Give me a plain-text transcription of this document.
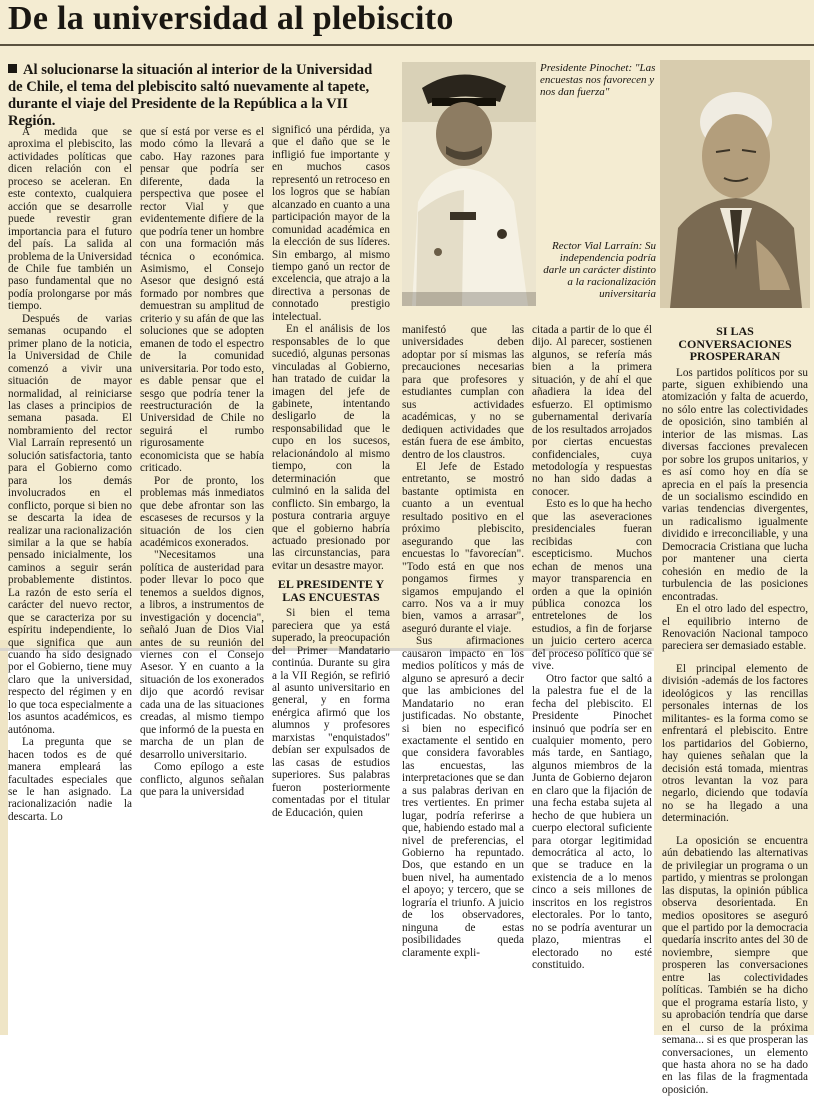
De la universidad al plebiscito
Al solucionarse la situación al interior de la Universidad de Chile, el tema del plebiscito saltó nuevamente al tapete, durante el viaje del Presidente de la República a la VII Región.

A medida que se aproxima el plebiscito, las actividades políticas que dicen relación con el proceso se aceleran. En este contexto, cualquiera acción que se desarrolle puede revestir gran importancia para el futuro del país. La salida al problema de la Universidad de Chile fue también un paso fundamental que no podía prolongarse por más tiempo.

Después de varias semanas ocupando el primer plano de la noticia, la Universidad de Chile comenzó a vivir una situación de mayor normalidad, al reiniciarse las clases a principios de semana pasada. El nombramiento del rector Vial Larraín representó un solución satisfactoria, tanto para el Gobierno como para los demás involucrados en el conflicto, porque si bien no se descarta la idea de realizar una racionalización similar a la que se había pensado inicialmente, los caminos a seguir serán probablemente distintos. La razón de esto sería el carácter del nuevo rector, que se caracteriza por su espíritu independiente, lo que significa que aun cuando ha sido designado por el Gobierno, tiene muy claro que la universidad, respecto del régimen y en lo que toca especialmente a los asuntos académicos, es autónoma.

La pregunta que se hacen todos es de qué manera empleará las facultades especiales que se le han asignado. La racionalización nadie la descarta. Lo

que sí está por verse es el modo cómo la llevará a cabo. Hay razones para pensar que podría ser diferente, dada la perspectiva que posee el rector Vial y que evidentemente difiere de la que podría tener un hombre con una formación más técnica o económica. Asimismo, el Consejo Asesor que designó está formado por nombres que demuestran su amplitud de criterio y su afán de que las soluciones que se adopten emanen de todo el espectro de la comunidad universitaria. Por todo esto, es dable pensar que el sesgo que podría tener la reestructuración de la Universidad de Chile no seguirá el rumbo rigurosamente economicista que se había criticado.

Por de pronto, los problemas más inmediatos que debe afrontar son las escaseses de recursos y la situación de los cien académicos exonerados.

"Necesitamos una política de austeridad para poder llevar lo poco que tenemos a sueldos dignos, a libros, a instrumentos de investigación y docencia", señaló Juan de Dios Vial antes de su reunión del viernes con el Consejo Asesor. Y en cuanto a la situación de los exonerados dijo que acordó revisar cada una de las situaciones creadas, al mismo tiempo que informó de la puesta en marcha de un plan de desarrollo universitario.

Como epílogo a este conflicto, algunos señalan que para la universidad

significó una pérdida, ya que el daño que se le infligió fue importante y en muchos casos representó un retroceso en los logros que se habían alcanzado en cuanto a una participación mayor de la comunidad académica en la elección de sus líderes. Sin embargo, al mismo tiempo ganó un rector de excelencia, que atrajo a la directiva a personas de connotado prestigio intelectual.

En el análisis de los responsables de lo que sucedió, algunas personas vinculadas al Gobierno, han tratado de cuidar la imagen del jefe de gabinete, intentando desligarlo de la responsabilidad que le cupo en los sucesos, relacionándolo al mismo tiempo, con la determinación que culminó en la salida del conflicto. Sin embargo, la postura contraria arguye que el gobierno habría actuado presionado por las circunstancias, para evitar un desastre mayor.

EL PRESIDENTE Y LAS ENCUESTAS

Si bien el tema pareciera que ya está superado, la preocupación del Primer Mandatario continúa. Durante su gira a la VII Región, se refirió al asunto universitario en general, y en forma enérgica afirmó que los alumnos y profesores marxistas "enquistados" debían ser expulsados de las casas de estudios superiores. Sus palabras fueron posteriormente comentadas por el titular de Educación, quien

Presidente Pinochet: "Las encuestas nos favorecen y nos dan fuerza"
Rector Vial Larraín: Su independencia podría darle un carácter distinto a la racionalización universitaria

manifestó que las universidades deben adoptar por sí mismas las precauciones necesarias para que profesores y estudiantes cumplan con sus actividades académicas, y no se dediquen actividades que están fuera de ese ámbito, dentro de los claustros.

El Jefe de Estado entretanto, se mostró bastante optimista en cuanto a un eventual resultado positivo en el próximo plebiscito, asegurando que las encuestas lo "favorecían". "Todo está en que nos pongamos firmes y sigamos empujando el carro. Nos va a ir muy bien, vamos a arrasar", aseguró durante el viaje.

Sus afirmaciones causaron impacto en los medios políticos y más de alguno se apresuró a decir que las ambiciones del Mandatario no eran justificadas. No obstante, si bien no especificó exactamente el sentido en que considera favorables las encuestas, las interpretaciones que se dan a sus palabras derivan en tres vertientes. En primer lugar, podría referirse a que, habiendo estado mal a nivel de preferencias, el Gobierno ha repuntado. Dos, que estando en un buen nivel, ha aumentado el apoyo; y tercero, que se lograría el triunfo. A juicio de los observadores, ninguna de estas posibilidades queda claramente expli-

citada a partir de lo que él dijo. Al parecer, sostienen algunos, se refería más bien a la primera situación, y de ahí el que añadiera la idea del esfuerzo. El optimismo gubernamental derivaría de los resultados arrojados por ciertas encuestas confidenciales, cuya metodología y respuestas no han sido dadas a conocer.

Esto es lo que ha hecho que las aseveraciones presidenciales fueran recibidas con escepticismo. Muchos echan de menos una mayor transparencia en orden a que la opinión pública conozca los entretelones de los estudios, a fin de forjarse un juicio certero acerca del proceso político que se vive.

Otro factor que saltó a la palestra fue el de la fecha del plebiscito. El Presidente Pinochet insinuó que podría ser en cualquier momento, pero más tarde, en Santiago, algunos miembros de la Junta de Gobierno dejaron en claro que la fijación de una fecha estaba sujeta al hecho de que hubiera un cuerpo electoral suficiente para otorgar legitimidad democrática al acto, lo que se traduce en la existencia de a lo menos cinco a seis millones de inscritos en los registros electorales. Por lo tanto, no se podría aventurar un plazo, mientras el electorado no esté constituido.

SI LAS CONVERSACIONES PROSPERARAN

Los partidos políticos por su parte, siguen exhibiendo una atomización y falta de acuerdo, no sólo entre las colectividades de oposición, sino también al interior de las mismas. Las diversas facciones prevalecen por sobre los grupos unitarios, y es así como hoy en día se aprecia en el país la presencia de un socialismo escindido en varias tendencias divergentes, un radicalismo igualmente dividido e irreconciliable, y una Democracia Cristiana que lucha por mantener una cierta cohesión en medio de la turbulencia de las posiciones encontradas.

En el otro lado del espectro, el equilibrio interno de Renovación Nacional tampoco pareciera ser demasiado estable.

El principal elemento de división -además de los factores ideológicos y las rencillas personales internas de los militantes- es la forma como se enfrentará el plebiscito. Entre los partidarios del Gobierno, hay quienes señalan que la decisión está tomada, mientras otros levantan la voz para negarlo, diciendo que todavía no se ha llegado a una determinación.

La oposición se encuentra aún debatiendo las alternativas de privilegiar un programa o un partido, y mientras se prolongan las disputas, la opinión pública observa desorientada. En medios opositores se aseguró que el partido por la democracia quedaría inscrito antes del 30 de noviembre, siempre que prosperen las conversaciones entre las colectividades políticas. También se ha dicho que el programa estaría listo, y su aprobación tendría que darse en el curso de la próxima semana... si es que prosperan las conversaciones, un elemento que hasta ahora no se ha dado en las filas de la fragmentada oposición.
